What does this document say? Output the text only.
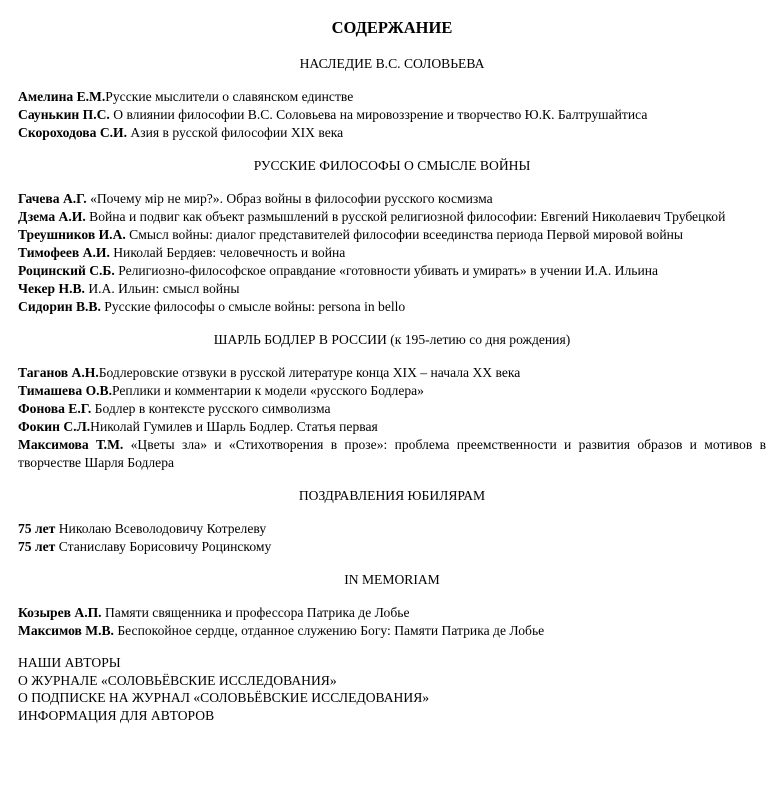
СОДЕРЖАНИЕ
НАСЛЕДИЕ В.С. СОЛОВЬЕВА
Амелина Е.М.Русские мыслители о славянском единстве
Саунькин П.С. О влиянии философии В.С. Соловьева на мировоззрение и творчество Ю.К. Балтрушайтиса
Скороходова С.И. Азия в русской философии XIX века
РУССКИЕ ФИЛОСОФЫ О СМЫСЛЕ ВОЙНЫ
Гачева А.Г. «Почему мiр не мир?». Образ войны в философии русского космизма
Дзема А.И. Война и подвиг как объект размышлений в русской религиозной философии: Евгений Николаевич Трубецкой
Треушников И.А. Смысл войны: диалог представителей философии всеединства периода Первой мировой войны
Тимофеев А.И. Николай Бердяев: человечность и война
Роцинский С.Б. Религиозно-философское оправдание «готовности убивать и умирать» в учении И.А. Ильина
Чекер Н.В. И.А. Ильин: смысл войны
Сидорин В.В. Русские философы о смысле войны: persona in bello
ШАРЛЬ БОДЛЕР В РОССИИ (к 195-летию со дня рождения)
Таганов А.Н.Бодлеровские отзвуки в русской литературе конца XIX – начала XX века
Тимашева О.В.Реплики и комментарии к модели «русского Бодлера»
Фонова Е.Г. Бодлер в контексте русского символизма
Фокин С.Л.Николай Гумилев и Шарль Бодлер. Статья первая
Максимова Т.М. «Цветы зла» и «Стихотворения в прозе»: проблема преемственности и развития образов и мотивов в творчестве Шарля Бодлера
ПОЗДРАВЛЕНИЯ ЮБИЛЯРАМ
75 лет Николаю Всеволодовичу Котрелеву
75 лет Станиславу Борисовичу Роцинскому
IN MEMORIAM
Козырев А.П. Памяти священника и профессора Патрика де Лобье
Максимов М.В. Беспокойное сердце, отданное служению Богу: Памяти Патрика де Лобье
НАШИ АВТОРЫ
О ЖУРНАЛЕ «СОЛОВЬЁВСКИЕ ИССЛЕДОВАНИЯ»
О ПОДПИСКЕ НА ЖУРНАЛ «СОЛОВЬЁВСКИЕ ИССЛЕДОВАНИЯ»
ИНФОРМАЦИЯ ДЛЯ АВТОРОВ
